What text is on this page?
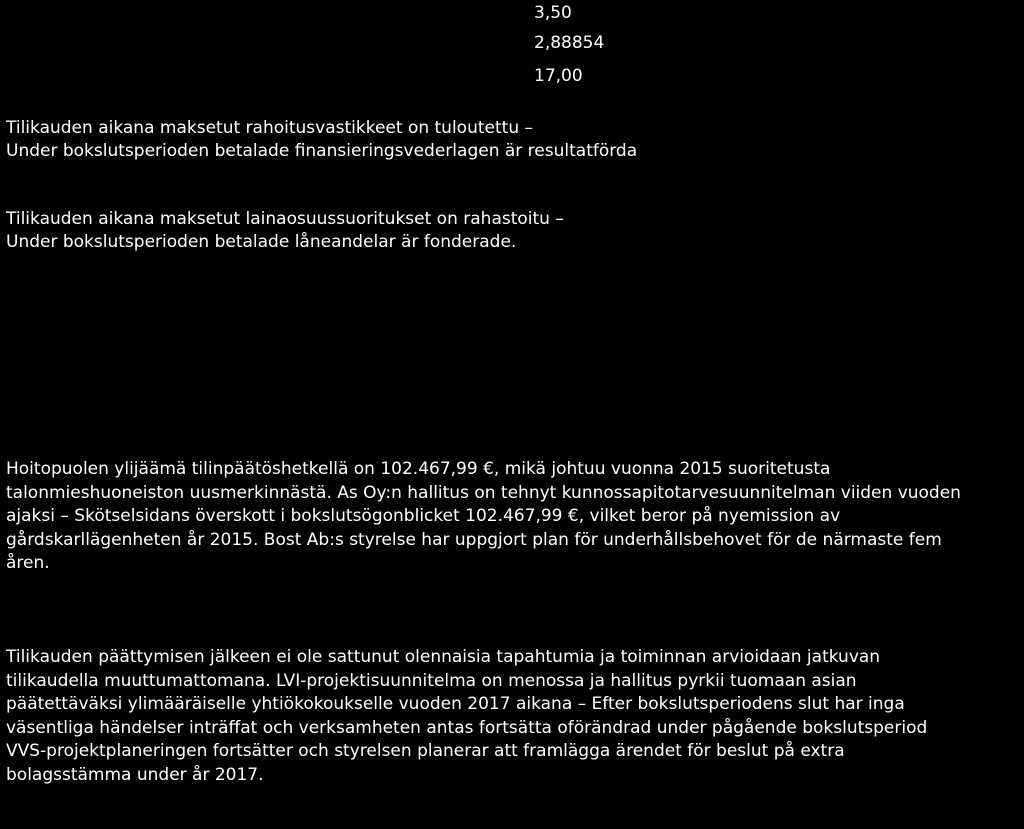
3,50
2,88854
17,00
Tilikauden aikana maksetut rahoitusvastikkeet on tuloutettu –
Under bokslutsperioden betalade finansieringsvederlagen är resultatförda
Tilikauden aikana maksetut lainaosuussuoritukset on rahastoitu –
Under bokslutsperioden betalade låneandelar är fonderade.
Hoitopuolen ylijäämä tilinpäätöshetkellä on 102.467,99 €, mikä johtuu vuonna 2015 suoritetusta
talonmieshuoneiston uusmerkinnästä. As Oy:n hallitus on tehnyt kunnossapitotarvesuunnitelman viiden vuoden
ajaksi – Skötselsidans överskott i bokslutsögonblicket 102.467,99 €, vilket beror på nyemission av
gårdskarllägenheten år 2015. Bost Ab:s styrelse har uppgjort plan för underhållsbehovet för de närmaste fem
åren.
Tilikauden päättymisen jälkeen ei ole sattunut olennaisia tapahtumia ja toiminnan arvioidaan jatkuvan
tilikaudella muuttumattomana. LVI-projektisuunnitelma on menossa ja hallitus pyrkii tuomaan asian
päätettäväksi ylimääräiselle yhtiökokoukselle vuoden 2017 aikana – Efter bokslutsperiodens slut har inga
väsentliga händelser inträffat och verksamheten antas fortsätta oförändrad under pågående bokslutsperiod
VVS-projektplaneringen fortsätter och styrelsen planerar att framlägga ärendet för beslut på extra
bolagsstämma under år 2017.
